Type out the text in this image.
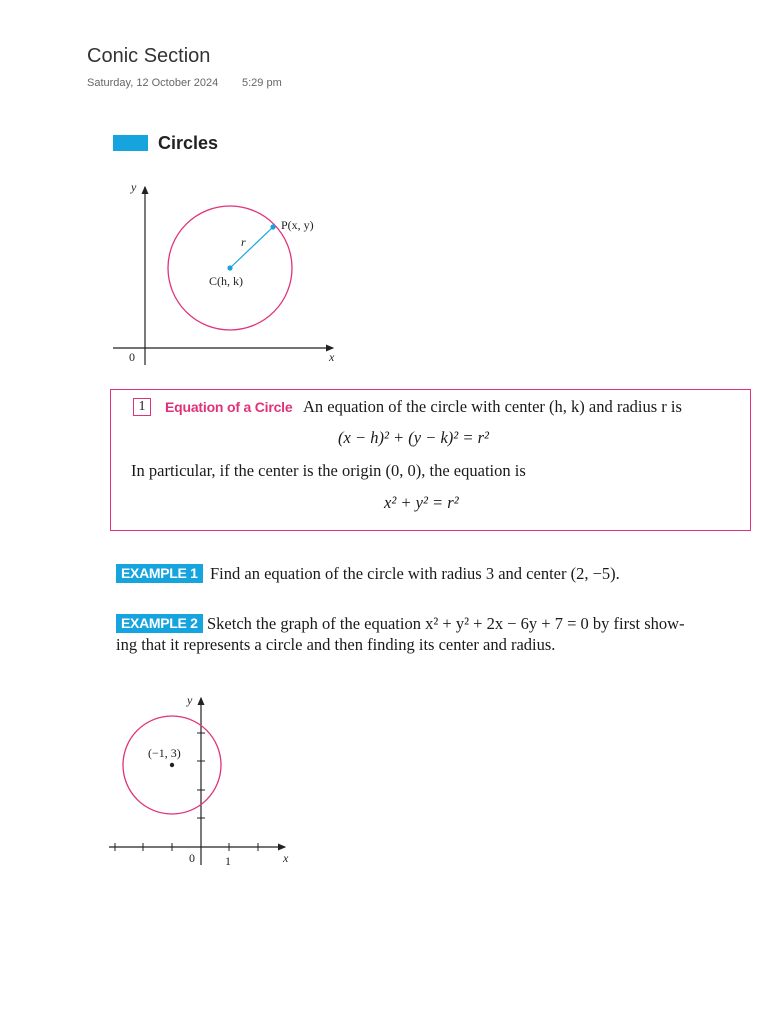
Conic Section
Saturday, 12 October 2024 5:29 pm
Circles
y
x
0
r
P(x, y)
C(h, k)
1	Equation of a Circle An equation of the circle with center (h, k) and radius r is
(x − h)² + (y − k)² = r²
In particular, if the center is the origin (0, 0), the equation is
x² + y² = r²
EXAMPLE 1 Find an equation of the circle with radius 3 and center (2, −5).
EXAMPLE 2 Sketch the graph of the equation x² + y² + 2x − 6y + 7 = 0 by first show-
ing that it represents a circle and then finding its center and radius.
y
x
0	1
(−1, 3)
